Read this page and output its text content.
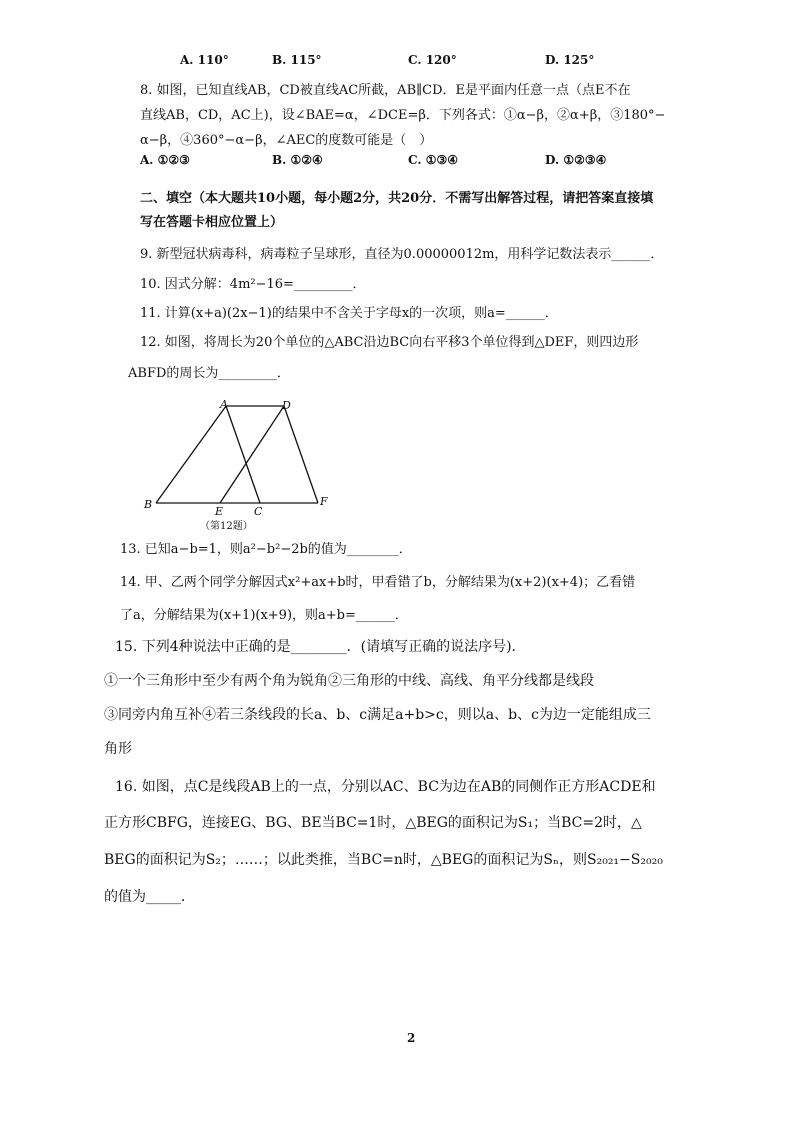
A. 110°	B. 115°	C. 120°	D. 125°
8. 如图，已知直线AB，CD被直线AC所截，AB∥CD．E是平面内任意一点（点E不在
直线AB，CD，AC上)，设∠BAE=α，∠DCE=β．下列各式：①α−β，②α+β，③180°−
α−β，④360°−α−β，∠AEC的度数可能是（　）
A. ①②③	B. ①②④	C. ①③④	D. ①②③④
二、填空（本大题共10小题，每小题2分，共20分．不需写出解答过程，请把答案直接填
写在答题卡相应位置上）
9. 新型冠状病毒科，病毒粒子呈球形，直径为0.00000012m，用科学记数法表示______．
10. 因式分解：4m²−16=_________．
11. 计算(x+a)(2x−1)的结果中不含关于字母x的一次项，则a=______．
12. 如图，将周长为20个单位的△ABC沿边BC向右平移3个单位得到△DEF，则四边形
ABFD的周长为_________．
A	D
B
E	C
F
（第12题）
13. 已知a−b=1，则a²−b²−2b的值为________．
14. 甲、乙两个同学分解因式x²+ax+b时，甲看错了b，分解结果为(x+2)(x+4)；乙看错
了a，分解结果为(x+1)(x+9)，则a+b=______．
15. 下列4种说法中正确的是________．(请填写正确的说法序号)．
①一个三角形中至少有两个角为锐角②三角形的中线、高线、角平分线都是线段
③同旁内角互补④若三条线段的长a、b、c满足a+b>c，则以a、b、c为边一定能组成三
角形
16. 如图，点C是线段AB上的一点，分别以AC、BC为边在AB的同侧作正方形ACDE和
正方形CBFG，连接EG、BG、BE当BC=1时，△BEG的面积记为S₁；当BC=2时，△
BEG的面积记为S₂；……；以此类推，当BC=n时，△BEG的面积记为Sₙ，则S₂₀₂₁−S₂₀₂₀
的值为_____．
2
